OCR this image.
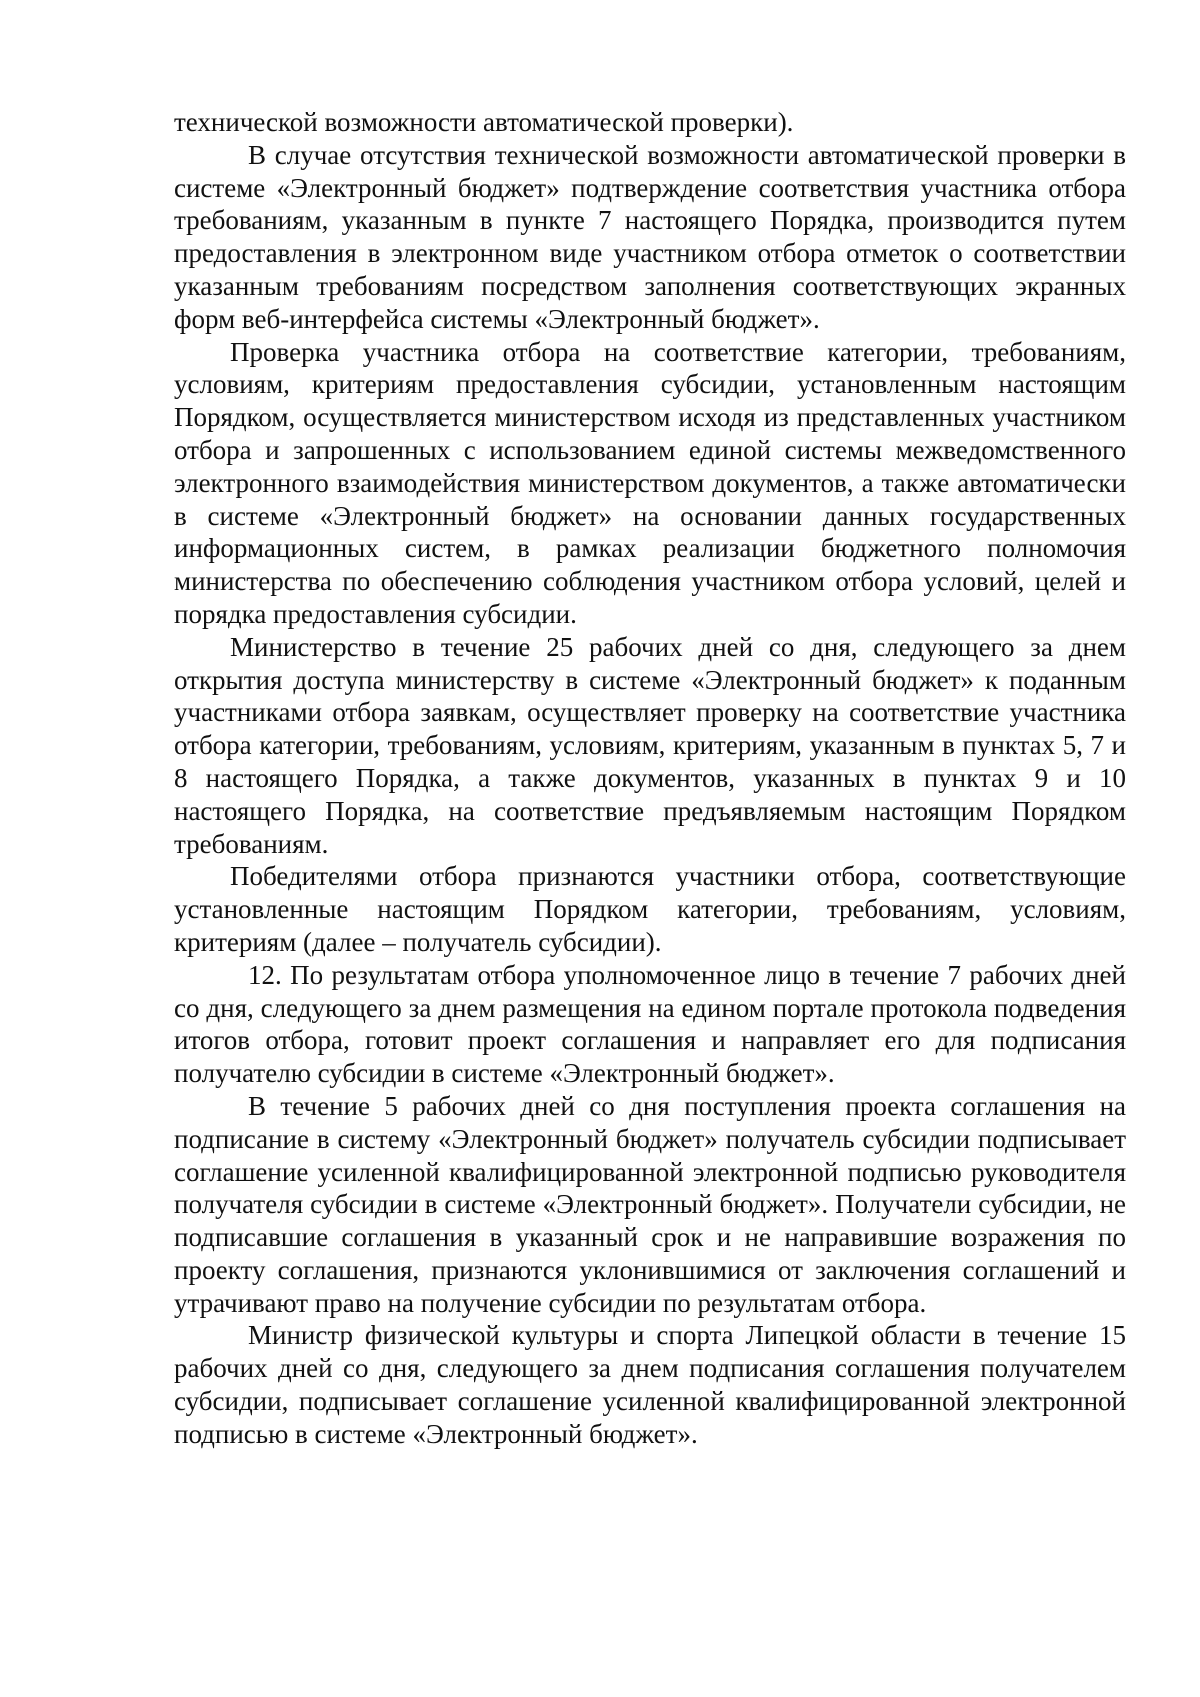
технической возможности автоматической проверки).

В случае отсутствия технической возможности автоматической проверки в системе «Электронный бюджет» подтверждение соответствия участника отбора требованиям, указанным в пункте 7 настоящего Порядка, производится путем предоставления в электронном виде участником отбора отметок о соответствии указанным требованиям посредством заполнения соответствующих экранных форм веб-интерфейса системы «Электронный бюджет».

Проверка участника отбора на соответствие категории, требованиям, условиям, критериям предоставления субсидии, установленным настоящим Порядком, осуществляется министерством исходя из представленных участником отбора и запрошенных с использованием единой системы межведомственного электронного взаимодействия министерством документов, а также автоматически в системе «Электронный бюджет» на основании данных государственных информационных систем, в рамках реализации бюджетного полномочия министерства по обеспечению соблюдения участником отбора условий, целей и порядка предоставления субсидии.

Министерство в течение 25 рабочих дней со дня, следующего за днем открытия доступа министерству в системе «Электронный бюджет» к поданным участниками отбора заявкам, осуществляет проверку на соответствие участника отбора категории, требованиям, условиям, критериям, указанным в пунктах 5, 7 и 8 настоящего Порядка, а также документов, указанных в пунктах 9 и 10 настоящего Порядка, на соответствие предъявляемым настоящим Порядком требованиям.

Победителями отбора признаются участники отбора, соответствующие установленные настоящим Порядком категории, требованиям, условиям, критериям (далее – получатель субсидии).

12. По результатам отбора уполномоченное лицо в течение 7 рабочих дней со дня, следующего за днем размещения на едином портале протокола подведения итогов отбора, готовит проект соглашения и направляет его для подписания получателю субсидии в системе «Электронный бюджет».

В течение 5 рабочих дней со дня поступления проекта соглашения на подписание в систему «Электронный бюджет» получатель субсидии подписывает соглашение усиленной квалифицированной электронной подписью руководителя получателя субсидии в системе «Электронный бюджет». Получатели субсидии, не подписавшие соглашения в указанный срок и не направившие возражения по проекту соглашения, признаются уклонившимися от заключения соглашений и утрачивают право на получение субсидии по результатам отбора.

Министр физической культуры и спорта Липецкой области в течение 15 рабочих дней со дня, следующего за днем подписания соглашения получателем субсидии, подписывает соглашение усиленной квалифицированной электронной подписью в системе «Электронный бюджет».
